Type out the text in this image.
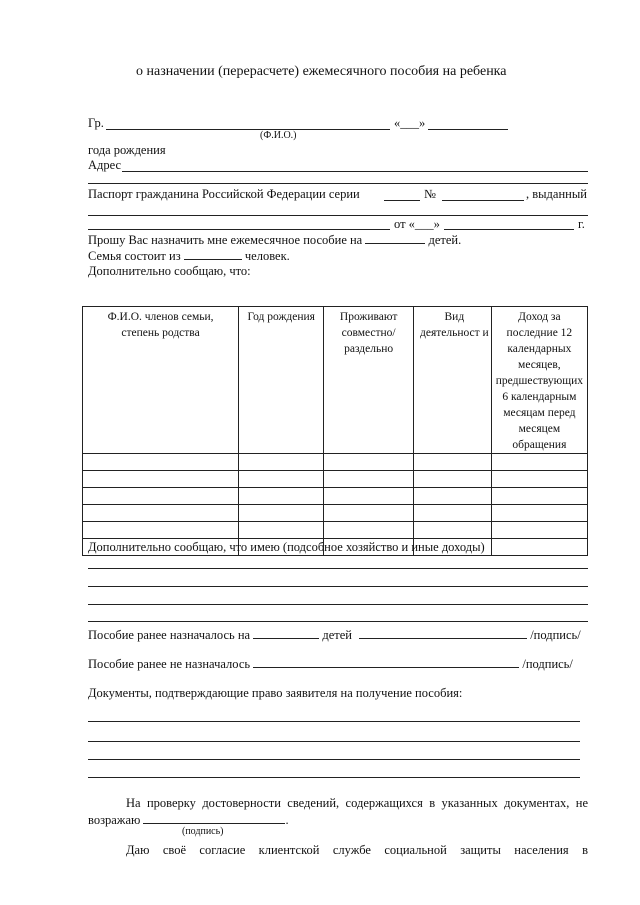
о назначении (перерасчете) ежемесячного пособия на ребенка
Гр.	«___»
(Ф.И.О.)
года рождения
Адрес
Паспорт гражданина Российской Федерации серии	№	, выданный
от «___»	г.
Прошу Вас назначить мне ежемесячное пособие на	детей.
Семья состоит из	человек.
Дополнительно сообщаю, что:
Ф.И.О. членов семьи, степень родства	Год рождения	Проживают совместно/ раздельно	Вид деятельност и	Доход за последние 12 календарных месяцев, предшествующих 6 календарным месяцам перед месяцем обращения

Дополнительно сообщаю, что имею (подсобное хозяйство и иные доходы)
Пособие ранее назначалось на	детей	/подпись/
Пособие ранее не назначалось	/подпись/
Документы, подтверждающие право заявителя на получение пособия:
На проверку достоверности сведений, содержащихся в указанных документах, не
возражаю	.
(подпись)
Даю своё согласие клиентской службе социальной защиты населения в
